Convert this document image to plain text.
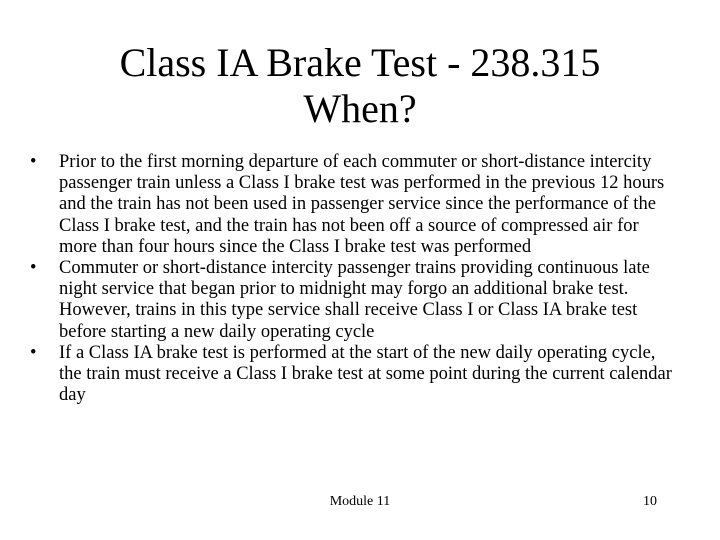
Class IA Brake Test - 238.315
When?
• Prior to the first morning departure of each commuter or short-distance intercity passenger train unless a Class I brake test was performed in the previous 12 hours and the train has not been used in passenger service since the performance of the Class I brake test, and the train has not been off a source of compressed air for more than four hours since the Class I brake test was performed
• Commuter or short-distance intercity passenger trains providing continuous late night service that began prior to midnight may forgo an additional brake test. However, trains in this type service shall receive Class I or Class IA brake test before starting a new daily operating cycle
• If a Class IA brake test is performed at the start of the new daily operating cycle, the train must receive a Class I brake test at some point during the current calendar day
Module 11	10
